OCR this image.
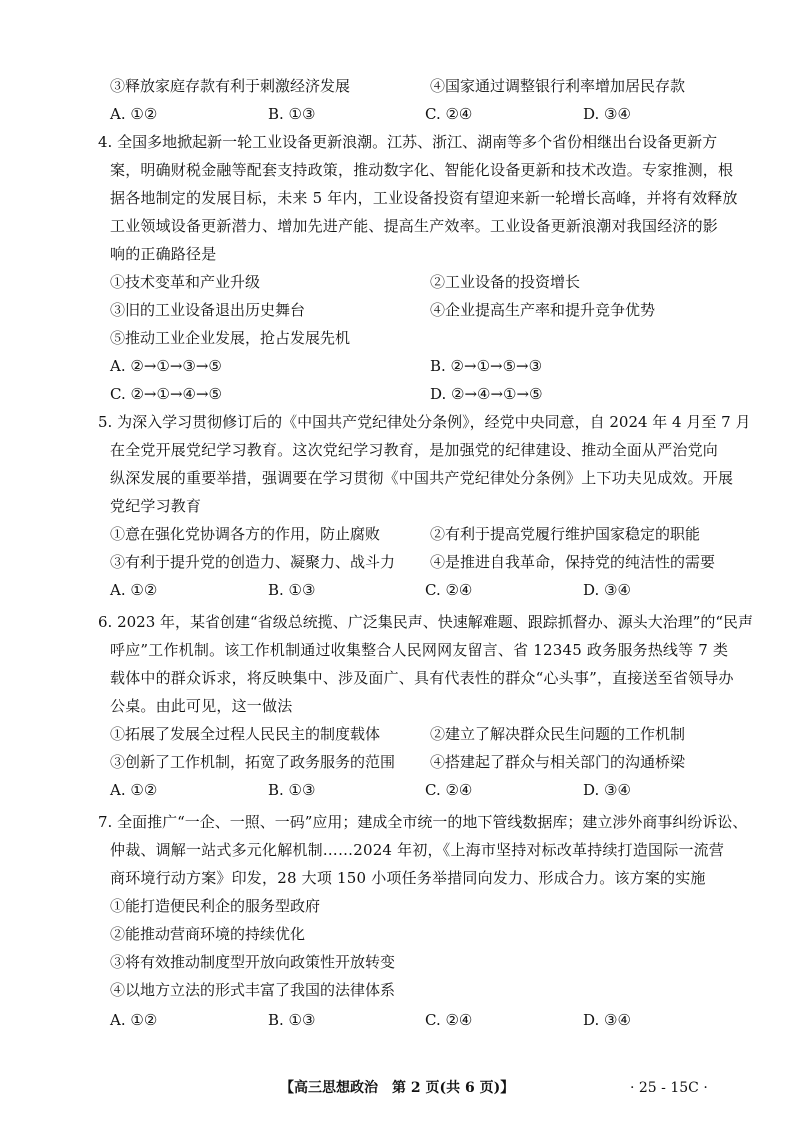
③释放家庭存款有利于刺激经济发展	④国家通过调整银行利率增加居民存款
A. ①②	B. ①③	C. ②④	D. ③④
4. 全国多地掀起新一轮工业设备更新浪潮。江苏、浙江、湖南等多个省份相继出台设备更新方
案，明确财税金融等配套支持政策，推动数字化、智能化设备更新和技术改造。专家推测，根
据各地制定的发展目标，未来 5 年内，工业设备投资有望迎来新一轮增长高峰，并将有效释放
工业领域设备更新潜力、增加先进产能、提高生产效率。工业设备更新浪潮对我国经济的影
响的正确路径是
①技术变革和产业升级	②工业设备的投资增长
③旧的工业设备退出历史舞台	④企业提高生产率和提升竞争优势
⑤推动工业企业发展，抢占发展先机
A. ②→①→③→⑤	B. ②→①→⑤→③
C. ②→①→④→⑤	D. ②→④→①→⑤
5. 为深入学习贯彻修订后的《中国共产党纪律处分条例》，经党中央同意，自 2024 年 4 月至 7 月
在全党开展党纪学习教育。这次党纪学习教育，是加强党的纪律建设、推动全面从严治党向
纵深发展的重要举措，强调要在学习贯彻《中国共产党纪律处分条例》上下功夫见成效。开展
党纪学习教育
①意在强化党协调各方的作用，防止腐败	②有利于提高党履行维护国家稳定的职能
③有利于提升党的创造力、凝聚力、战斗力 ④是推进自我革命，保持党的纯洁性的需要
A. ①②	B. ①③	C. ②④	D. ③④
6. 2023 年，某省创建“省级总统揽、广泛集民声、快速解难题、跟踪抓督办、源头大治理”的“民声
呼应”工作机制。该工作机制通过收集整合人民网网友留言、省 12345 政务服务热线等 7 类
载体中的群众诉求，将反映集中、涉及面广、具有代表性的群众“心头事”，直接送至省领导办
公桌。由此可见，这一做法
①拓展了发展全过程人民民主的制度载体	②建立了解决群众民生问题的工作机制
③创新了工作机制，拓宽了政务服务的范围 ④搭建起了群众与相关部门的沟通桥梁
A. ①②	B. ①③	C. ②④	D. ③④
7. 全面推广“一企、一照、一码”应用；建成全市统一的地下管线数据库；建立涉外商事纠纷诉讼、
仲裁、调解一站式多元化解机制……2024 年初，《上海市坚持对标改革持续打造国际一流营
商环境行动方案》印发，28 大项 150 小项任务举措同向发力、形成合力。该方案的实施
①能打造便民利企的服务型政府
②能推动营商环境的持续优化
③将有效推动制度型开放向政策性开放转变
④以地方立法的形式丰富了我国的法律体系
A. ①②	B. ①③	C. ②④	D. ③④
【高三思想政治　第 2 页(共 6 页)】	· 25 - 15C ·
